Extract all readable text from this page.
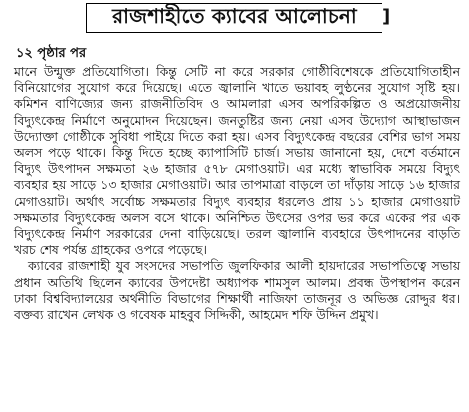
রাজশাহীতে ক্যাবের আলোচনা ]
১২ পৃষ্ঠার পর

মানে উন্মুক্ত প্রতিযোগিতা। কিন্তু সেটি না করে সরকার গোষ্ঠীবিশেষকে প্রতিযোগিতাহীন বিনিয়োগের সুযোগ করে দিয়েছে। এতে জ্বালানি খাতে ভয়াবহ লুণ্ঠনের সুযোগ সৃষ্টি হয়। কমিশন বাণিজ্যের জন্য রাজনীতিবিদ ও আমলারা এসব অপরিকল্পিত ও অপ্রয়োজনীয় বিদ্যুৎকেন্দ্র নির্মাণে অনুমোদন দিয়েছেন। জনতুষ্টির জন্য নেয়া এসব উদ্যোগ আস্থাভাজন উদ্যোক্তা গোষ্ঠীকে সুবিধা পাইয়ে দিতে করা হয়। এসব বিদ্যুৎকেন্দ্র বছরের বেশির ভাগ সময় অলস পড়ে থাকে। কিন্তু দিতে হচ্ছে ক্যাপাসিটি চার্জ। সভায় জানানো হয়, দেশে বর্তমানে বিদ্যুৎ উৎপাদন সক্ষমতা ২৬ হাজার ৫৭৮ মেগাওয়াট। এর মধ্যে স্বাভাবিক সময়ে বিদ্যুৎ ব্যবহার হয় সাড়ে ১৩ হাজার মেগাওয়াট। আর তাপমাত্রা বাড়লে তা দাঁড়ায় সাড়ে ১৬ হাজার মেগাওয়াট। অর্থাৎ সর্বোচ্চ সক্ষমতার বিদ্যুৎ ব্যবহার ধরলেও প্রায় ১১ হাজার মেগাওয়াট সক্ষমতার বিদ্যুৎকেন্দ্র অলস বসে থাকে। অনিশ্চিত উৎসের ওপর ভর করে একের পর এক বিদ্যুৎকেন্দ্র নির্মাণ সরকারের দেনা বাড়িয়েছে। তরল জ্বালানি ব্যবহারে উৎপাদনের বাড়তি খরচ শেষ পর্যন্ত গ্রাহকের ওপরে পড়েছে।

ক্যাবের রাজশাহী যুব সংসদের সভাপতি জুলফিকার আলী হায়দারের সভাপতিত্বে সভায় প্রধান অতিথি ছিলেন ক্যাবের উপদেষ্টা অধ্যাপক শামসুল আলম। প্রবন্ধ উপস্থাপন করেন ঢাকা বিশ্ববিদ্যালয়ের অর্থনীতি বিভাগের শিক্ষার্থী নাজিফা তাজনূর ও অভিজ্ঞ রোদ্দুর ধর। বক্তব্য রাখেন লেখক ও গবেষক মাহবুব সিদ্দিকী, আহমেদ শফি উদ্দিন প্রমুখ।
